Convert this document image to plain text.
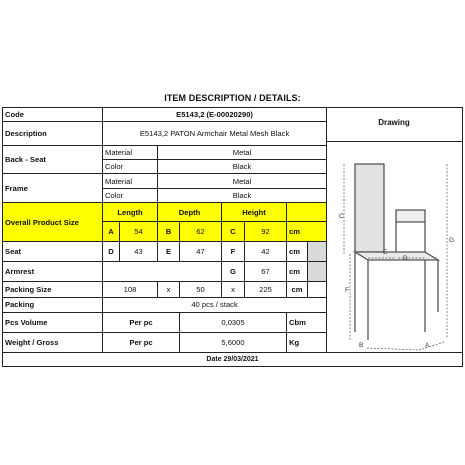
ITEM DESCRIPTION / DETAILS:
Code	E5143,2 (E-00020290)							
Description	E5143,2 PATON Armchair Metal Mesh Black							
Back - Seat	Material		Metal					
	Color		Black					
Frame	Material		Metal					
	Color		Black					
Overall Product Size	Length		Depth		Height			
	A	54	B	62	C	92	cm	
Seat	D	43	E	47	F	42	cm	
Armrest					G	67	cm	
Packing Size	108		x	50	x	225	cm	
Packing	40 pcs / stack							
Pcs Volume	Per pc			0,0305			Cbm	
Weight / Gross	Per pc			5,6000			Kg	
Drawing
C
F
G
E
D
B	A
Date 29/03/2021
